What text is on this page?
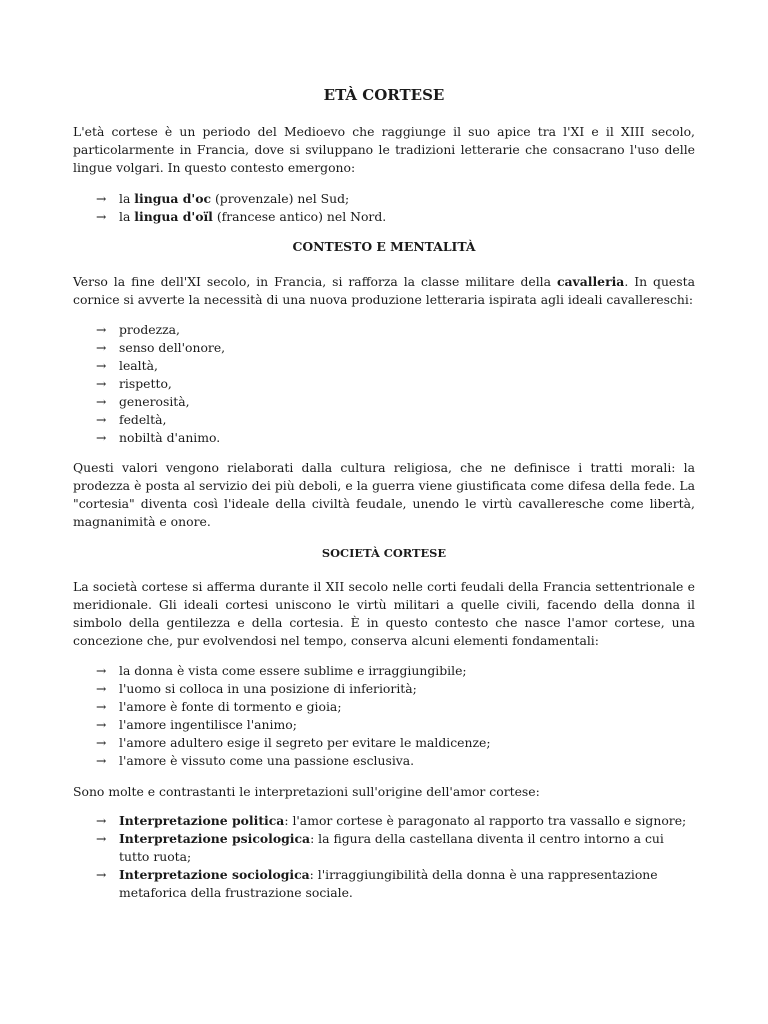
ETÀ CORTESE

L'età cortese è un periodo del Medioevo che raggiunge il suo apice tra l'XI e il XIII secolo, particolarmente in Francia, dove si sviluppano le tradizioni letterarie che consacrano l'uso delle lingue volgari. In questo contesto emergono:

→ la lingua d'oc (provenzale) nel Sud;
→ la lingua d'oïl (francese antico) nel Nord.
CONTESTO E MENTALITÀ

Verso la fine dell'XI secolo, in Francia, si rafforza la classe militare della cavalleria. In questa cornice si avverte la necessità di una nuova produzione letteraria ispirata agli ideali cavallereschi:

→ prodezza,
→ senso dell'onore,
→ lealtà,
→ rispetto,
→ generosità,
→ fedeltà,
→ nobiltà d'animo.

Questi valori vengono rielaborati dalla cultura religiosa, che ne definisce i tratti morali: la prodezza è posta al servizio dei più deboli, e la guerra viene giustificata come difesa della fede. La "cortesia" diventa così l'ideale della civiltà feudale, unendo le virtù cavalleresche come libertà, magnanimità e onore.

SOCIETÀ CORTESE

La società cortese si afferma durante il XII secolo nelle corti feudali della Francia settentrionale e meridionale. Gli ideali cortesi uniscono le virtù militari a quelle civili, facendo della donna il simbolo della gentilezza e della cortesia. È in questo contesto che nasce l'amor cortese, una concezione che, pur evolvendosi nel tempo, conserva alcuni elementi fondamentali:

→ la donna è vista come essere sublime e irraggiungibile;
→ l'uomo si colloca in una posizione di inferiorità;
→ l'amore è fonte di tormento e gioia;
→ l'amore ingentilisce l'animo;
→ l'amore adultero esige il segreto per evitare le maldicenze;
→ l'amore è vissuto come una passione esclusiva.

Sono molte e contrastanti le interpretazioni sull'origine dell'amor cortese:

→ Interpretazione politica: l'amor cortese è paragonato al rapporto tra vassallo e signore;
→ Interpretazione psicologica: la figura della castellana diventa il centro intorno a cui tutto ruota;
→ Interpretazione sociologica: l'irraggiungibilità della donna è una rappresentazione metaforica della frustrazione sociale.
